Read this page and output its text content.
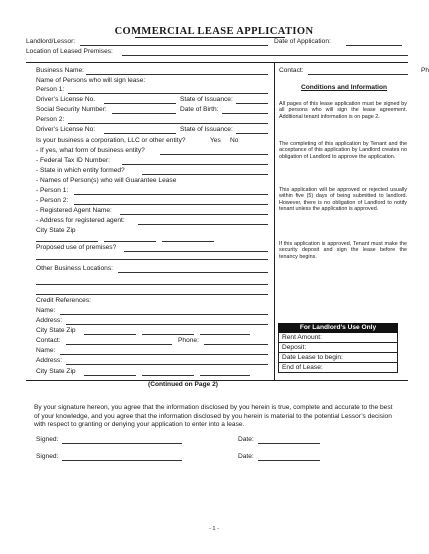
COMMERCIAL LEASE APPLICATION
Landlord/Lessor:	Date of Application:
Location of Leased Premises:
Business Name:
Name of Persons who will sign lease:
Person 1:
Driver’s License No.	State of Issuance:
Social Security Number:	Date of Birth:
Person 2:
Driver’s License No:	State of Issuance:
Is your business a corporation, LLC or other entity?	Yes No
- If yes, what form of business entity?
- Federal Tax ID Number:
- State in which entity formed?
- Names of Person(s) who will Guarantee Lease
- Person 1:
- Person 2:
- Registered Agent Name:
- Address for registered agent:
City State Zip
Proposed use of premises?
Other Business Locations:
Credit References:
Name:
Address:
City State Zip
Contact:	Phone:
Name:
Address:
City State Zip
(Continued on Page 2)
Contact:	Ph
Conditions and Information
All pages of this lease application must be signed by all persons who will sign the lease agreement. Additional tenant information is on page 2.
The completing of this application by Tenant and the acceptance of this application by Landlord creates no obligation of Landlord to approve the application.
This application will be approved or rejected usually within five (5) days of being submitted to landlord. However, there is no obligation of Landlord to notify tenant unless the application is approved.
If this application is approved, Tenant must make the security deposit and sign the lease before the tenancy begins.
For Landlord’s Use Only
Rent Amount:
Deposit:
Date Lease to begin:
End of Lease:
By your signature hereon, you agree that the information disclosed by you herein is true, complete and accurate to the best of your knowledge, and you agree that the information disclosed by you herein is material to the potential Lessor’s decision with respect to granting or denying your application to enter into a lease.
Signed:	Date:
Signed:	Date:
- 1 -
